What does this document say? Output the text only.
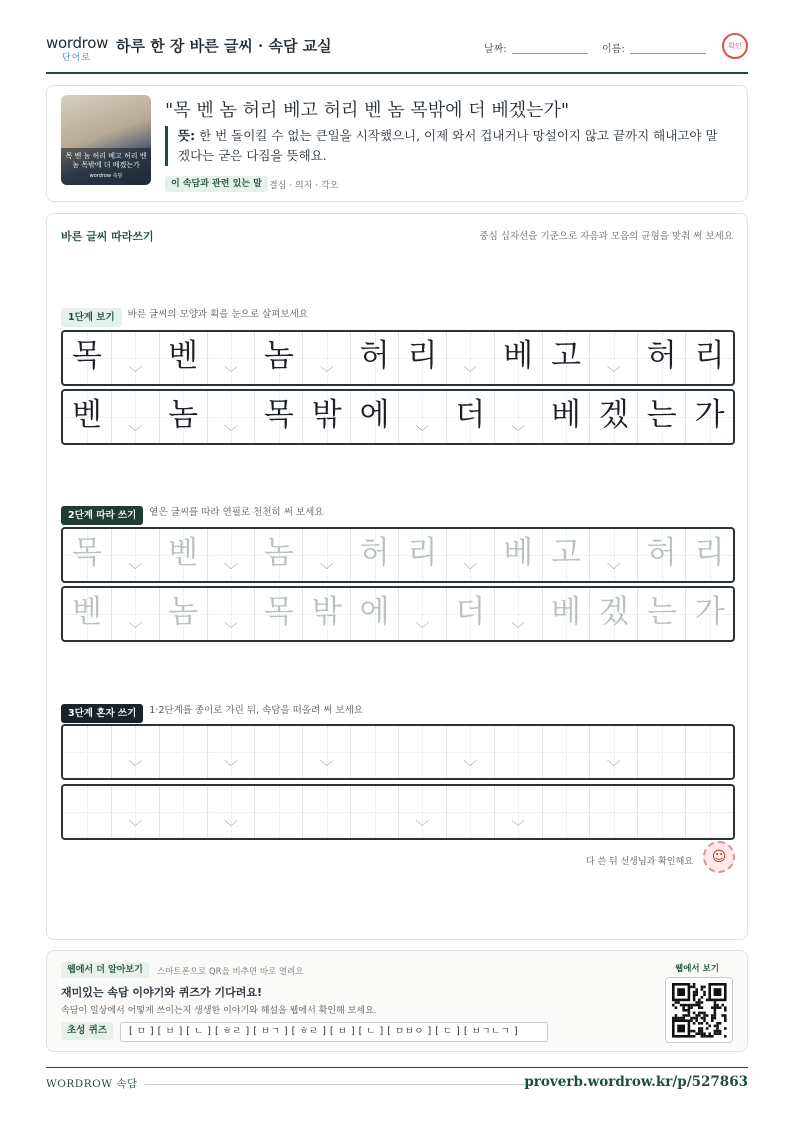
wordrow
단어로
하루 한 장 바른 글씨 · 속담 교실	날짜:	이름:	확인
목 벤 놈 허리 베고 허리 벤 놈 목밖에 더 베겠는가
wordrow 속담
"목 벤 놈 허리 베고 허리 벤 놈 목밖에 더 베겠는가"
뜻: 한 번 돌이킬 수 없는 큰일을 시작했으니, 이제 와서 겁내거나 망설이지 않고 끝까지 해내고야 말겠다는 굳은 다짐을 뜻해요.
이 속담과 관련 있는 말 결심 · 의지 · 각오
바른 글씨 따라쓰기	중심 십자선을 기준으로 자음과 모음의 균형을 맞춰 써 보세요
1단계 보기 바른 글씨의 모양과 획을 눈으로 살펴보세요
목	﹀ 벤	﹀ 놈	﹀ 허 리	﹀ 베 고	﹀ 허 리
벤	﹀ 놈	﹀ 목 밖 에	﹀ 더	﹀ 베 겠 는 가
2단계 따라 쓰기 옅은 글씨를 따라 연필로 천천히 써 보세요
목	﹀ 벤	﹀ 놈	﹀ 허 리	﹀ 베 고	﹀ 허 리
벤	﹀ 놈	﹀ 목 밖 에	﹀ 더	﹀ 베 겠 는 가
3단계 혼자 쓰기 1·2단계를 종이로 가린 뒤, 속담을 떠올려 써 보세요
﹀	﹀	﹀	﹀	﹀
﹀	﹀	﹀	﹀
다 쓴 뒤 선생님과 확인해요	☺
웹에서 더 알아보기	스마트폰으로 QR을 비추면 바로 열려요
재미있는 속담 이야기와 퀴즈가 기다려요!
속담이 일상에서 어떻게 쓰이는지 생생한 이야기와 해설을 웹에서 확인해 보세요.
초성 퀴즈	[ ㅁ ] [ ㅂ ] [ ㄴ ] [ ㅎㄹ ] [ ㅂㄱ ] [ ㅎㄹ ] [ ㅂ ] [ ㄴ ] [ ㅁㅂㅇ ] [ ㄷ ] [ ㅂㄱㄴㄱ ]
웹에서 보기
WORDROW 속담	proverb.wordrow.kr/p/527863
